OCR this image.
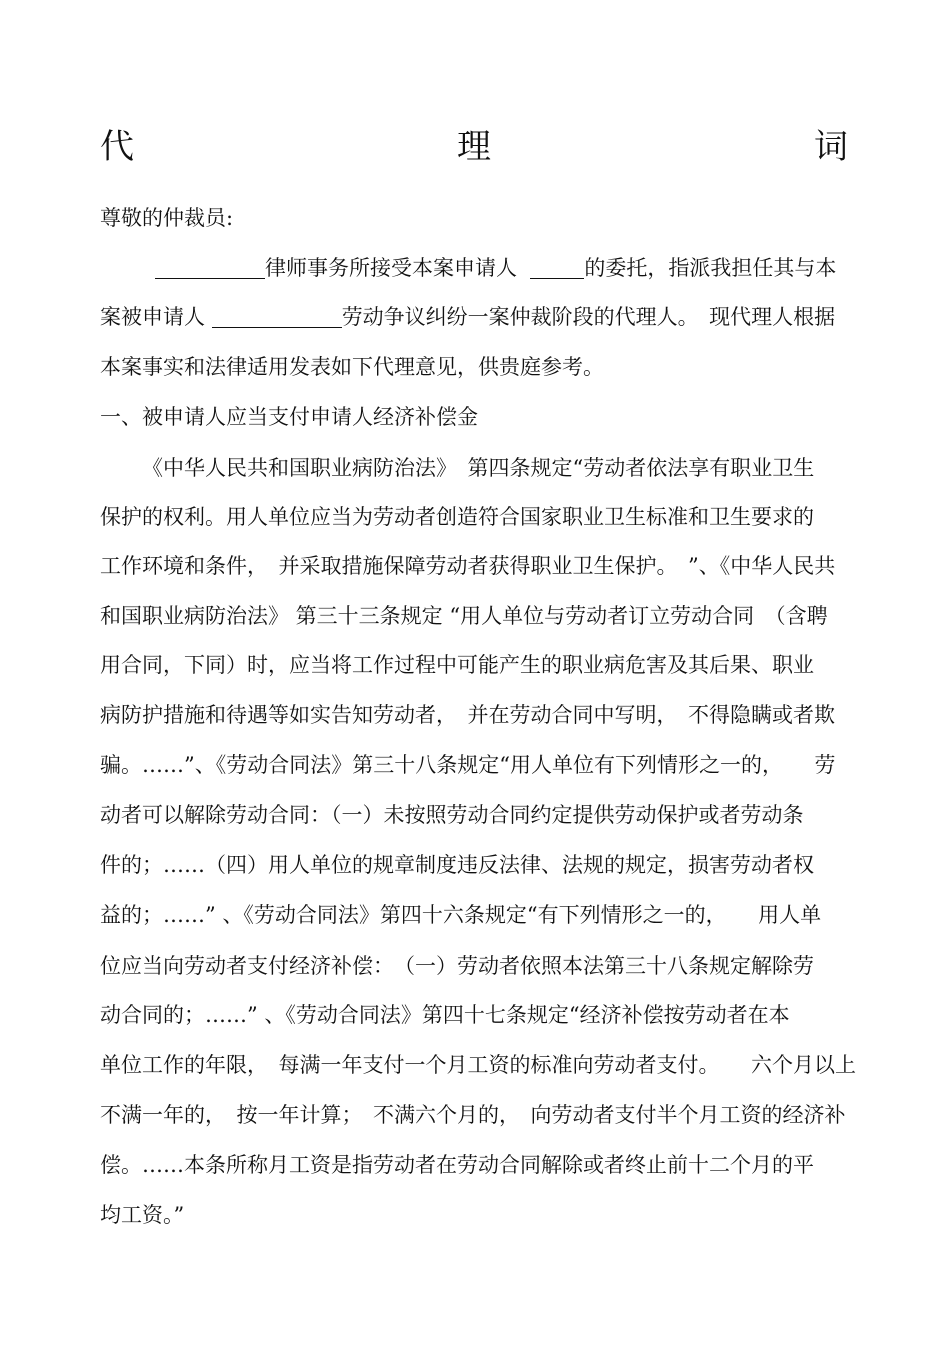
代	理	词
尊敬的仲裁员:
律师事务所接受本案申请人	的委托，指派我担任其与本
案被申请人	劳动争议纠纷一案仲裁阶段的代理人。　现代理人根据
本案事实和法律适用发表如下代理意见，供贵庭参考。
一、被申请人应当支付申请人经济补偿金
《中华人民共和国职业病防治法》　第四条规定“劳动者依法享有职业卫生
保护的权利。用人单位应当为劳动者创造符合国家职业卫生标准和卫生要求的
工作环境和条件，　并采取措施保障劳动者获得职业卫生保护。　”、《中华人民共
和国职业病防治法》 第三十三条规定 “用人单位与劳动者订立劳动合同　（含聘
用合同，下同）时，应当将工作过程中可能产生的职业病危害及其后果、职业
病防护措施和待遇等如实告知劳动者，　并在劳动合同中写明，　不得隐瞒或者欺
骗。……”、《劳动合同法》第三十八条规定“用人单位有下列情形之一的，　　劳
动者可以解除劳动合同：（一）未按照劳动合同约定提供劳动保护或者劳动条
件的；……（四）用人单位的规章制度违反法律、法规的规定，损害劳动者权
益的；……” 、《劳动合同法》第四十六条规定“有下列情形之一的，　　用人单
位应当向劳动者支付经济补偿：　（一）劳动者依照本法第三十八条规定解除劳
动合同的；……” 、《劳动合同法》第四十七条规定“经济补偿按劳动者在本
单位工作的年限，　每满一年支付一个月工资的标准向劳动者支付。　　六个月以上
不满一年的，　按一年计算；　不满六个月的，　向劳动者支付半个月工资的经济补
偿。……本条所称月工资是指劳动者在劳动合同解除或者终止前十二个月的平
均工资。”
